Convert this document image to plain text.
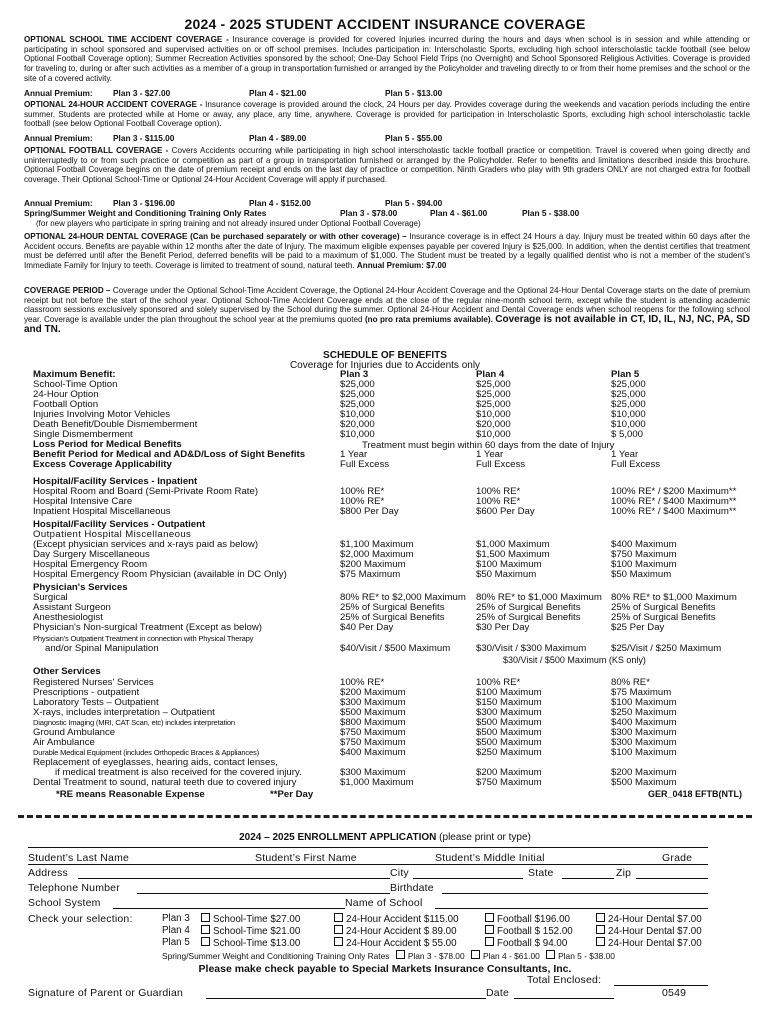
2024 - 2025 STUDENT ACCIDENT INSURANCE COVERAGE

OPTIONAL SCHOOL TIME ACCIDENT COVERAGE - Insurance coverage is provided for covered Injuries incurred during the hours and days when school is in session and while attending or participating in school sponsored and supervised activities on or off school premises. Includes participation in: Interscholastic Sports, excluding high school interscholastic tackle football (see below Optional Football Coverage option); Summer Recreation Activities sponsored by the school; One-Day School Field Trips (no Overnight) and School Sponsored Religious Activities. Coverage is provided for traveling to, during or after such activities as a member of a group in transportation furnished or arranged by the Policyholder and traveling directly to or from their home premises and the school or the site of a covered activity.

Annual Premium: Plan 3 - $27.00	Plan 4 - $21.00	Plan 5 - $13.00

OPTIONAL 24-HOUR ACCIDENT COVERAGE - Insurance coverage is provided around the clock, 24 Hours per day. Provides coverage during the weekends and vacation periods including the entire summer. Students are protected while at Home or away, any place, any time, anywhere. Coverage is provided for participation in Interscholastic Sports, excluding high school interscholastic tackle football (see below Optional Football Coverage option).

Annual Premium: Plan 3 - $115.00	Plan 4 - $89.00	Plan 5 - $55.00

OPTIONAL FOOTBALL COVERAGE - Covers Accidents occurring while participating in high school interscholastic tackle football practice or competition. Travel is covered when going directly and uninterruptedly to or from such practice or competition as part of a group in transportation furnished or arranged by the Policyholder. Refer to benefits and limitations described inside this brochure. Optional Football Coverage begins on the date of premium receipt and ends on the last day of practice or competition. Ninth Graders who play with 9th graders ONLY are not charged extra for football coverage. Their Optional School-Time or Optional 24-Hour Accident Coverage will apply if purchased.

Annual Premium: Plan 3 - $196.00	Plan 4 - $152.00	Plan 5 - $94.00
Spring/Summer Weight and Conditioning Training Only Rates	Plan 3 - $78.00	Plan 4 - $61.00	Plan 5 - $38.00
(for new players who participate in spring training and not already insured under Optional Football Coverage)

OPTIONAL 24-HOUR DENTAL COVERAGE (Can be purchased separately or with other coverage) – Insurance coverage is in effect 24 Hours a day. Injury must be treated within 60 days after the Accident occurs. Benefits are payable within 12 months after the date of Injury. The maximum eligible expenses payable per covered Injury is $25,000. In addition, when the dentist certifies that treatment must be deferred until after the Benefit Period, deferred benefits will be paid to a maximum of $1,000. The Student must be treated by a legally qualified dentist who is not a member of the student’s Immediate Family for Injury to teeth. Coverage is limited to treatment of sound, natural teeth. Annual Premium: $7.00

COVERAGE PERIOD – Coverage under the Optional School-Time Accident Coverage, the Optional 24-Hour Accident Coverage and the Optional 24-Hour Dental Coverage starts on the date of premium receipt but not before the start of the school year. Optional School-Time Accident Coverage ends at the close of the regular nine-month school term, except while the student is attending academic classroom sessions exclusively sponsored and solely supervised by the School during the summer. Optional 24-Hour Accident and Dental Coverage ends when school reopens for the following school year. Coverage is available under the plan throughout the school year at the premiums quoted (no pro rata premiums available). Coverage is not available in CT, ID, IL, NJ, NC, PA, SD and TN.

SCHEDULE OF BENEFITS
Coverage for Injuries due to Accidents only
Maximum Benefit:	Plan 3	Plan 4	Plan 5
School-Time Option	$25,000	$25,000	$25,000
24-Hour Option	$25,000	$25,000	$25,000
Football Option	$25,000	$25,000	$25,000
Injuries Involving Motor Vehicles	$10,000	$10,000	$10,000
Death Benefit/Double Dismemberment	$20,000	$20,000	$10,000
Single Dismemberment	$10,000	$10,000	$ 5,000
Loss Period for Medical Benefits	Treatment must begin within 60 days from the date of Injury
Benefit Period for Medical and AD&D/Loss of Sight Benefits	1 Year	1 Year	1 Year
Excess Coverage Applicability	Full Excess	Full Excess	Full Excess
Hospital/Facility Services - Inpatient
Hospital Room and Board (Semi-Private Room Rate)	100% RE*	100% RE*	100% RE* / $200 Maximum**
Hospital Intensive Care	100% RE*	100% RE*	100% RE* / $400 Maximum**
Inpatient Hospital Miscellaneous	$800 Per Day	$600 Per Day	100% RE* / $400 Maximum**
Hospital/Facility Services - Outpatient
Outpatient Hospital Miscellaneous
(Except physician services and x-rays paid as below)	$1,100 Maximum	$1,000 Maximum	$400 Maximum
Day Surgery Miscellaneous	$2,000 Maximum	$1,500 Maximum	$750 Maximum
Hospital Emergency Room	$200 Maximum	$100 Maximum	$100 Maximum
Hospital Emergency Room Physician (available in DC Only)	$75 Maximum	$50 Maximum	$50 Maximum
Physician's Services
Surgical	80% RE* to $2,000 Maximum 80% RE* to $1,000 Maximum 80% RE* to $1,000 Maximum
Assistant Surgeon	25% of Surgical Benefits	25% of Surgical Benefits	25% of Surgical Benefits
Anesthesiologist	25% of Surgical Benefits	25% of Surgical Benefits	25% of Surgical Benefits
Physician's Non-surgical Treatment (Except as below)	$40 Per Day	$30 Per Day	$25 Per Day
Physician's Outpatient Treatment in connection with Physical Therapy
and/or Spinal Manipulation	$40/Visit / $500 Maximum	$30/Visit / $300 Maximum	$25/Visit / $250 Maximum
$30/Visit / $500 Maximum (KS only)
Other Services
Registered Nurses' Services	100% RE*	100% RE*	80% RE*
Prescriptions - outpatient	$200 Maximum	$100 Maximum	$75 Maximum
Laboratory Tests – Outpatient	$300 Maximum	$150 Maximum	$100 Maximum
X-rays, includes interpretation – Outpatient	$500 Maximum	$300 Maximum	$250 Maximum
Diagnostic Imaging (MRI, CAT Scan, etc) includes interpretation	$800 Maximum	$500 Maximum	$400 Maximum
Ground Ambulance	$750 Maximum	$500 Maximum	$300 Maximum
Air Ambulance	$750 Maximum	$500 Maximum	$300 Maximum
Durable Medical Equipment (includes Orthopedic Braces & Appliances)	$400 Maximum	$250 Maximum	$100 Maximum
Replacement of eyeglasses, hearing aids, contact lenses,
if medical treatment is also received for the covered injury.	$300 Maximum	$200 Maximum	$200 Maximum
Dental Treatment to sound, natural teeth due to covered injury	$1,000 Maximum	$750 Maximum	$500 Maximum
*RE means Reasonable Expense	**Per Day	GER_0418 EFTB(NTL)
2024 – 2025 ENROLLMENT APPLICATION (please print or type)
Student’s Last Name	Student’s First Name	Student’s Middle Initial	Grade
Address	City	State	Zip
Telephone Number	Birthdate
School System	Name of School
Check your selection:	Plan 3	School-Time $27.00	24-Hour Accident $115.00	Football $196.00	24-Hour Dental $7.00
Plan 4	School-Time $21.00	24-Hour Accident $ 89.00	Football $ 152.00	24-Hour Dental $7.00
Plan 5	School-Time $13.00	24-Hour Accident $ 55.00	Football $ 94.00	24-Hour Dental $7.00
Spring/Summer Weight and Conditioning Training Only Rates Plan 3 - $78.00 Plan 4 - $61.00 Plan 5 - $38.00
Please make check payable to Special Markets Insurance Consultants, Inc.
Total Enclosed:
Signature of Parent or Guardian	Date	0549
